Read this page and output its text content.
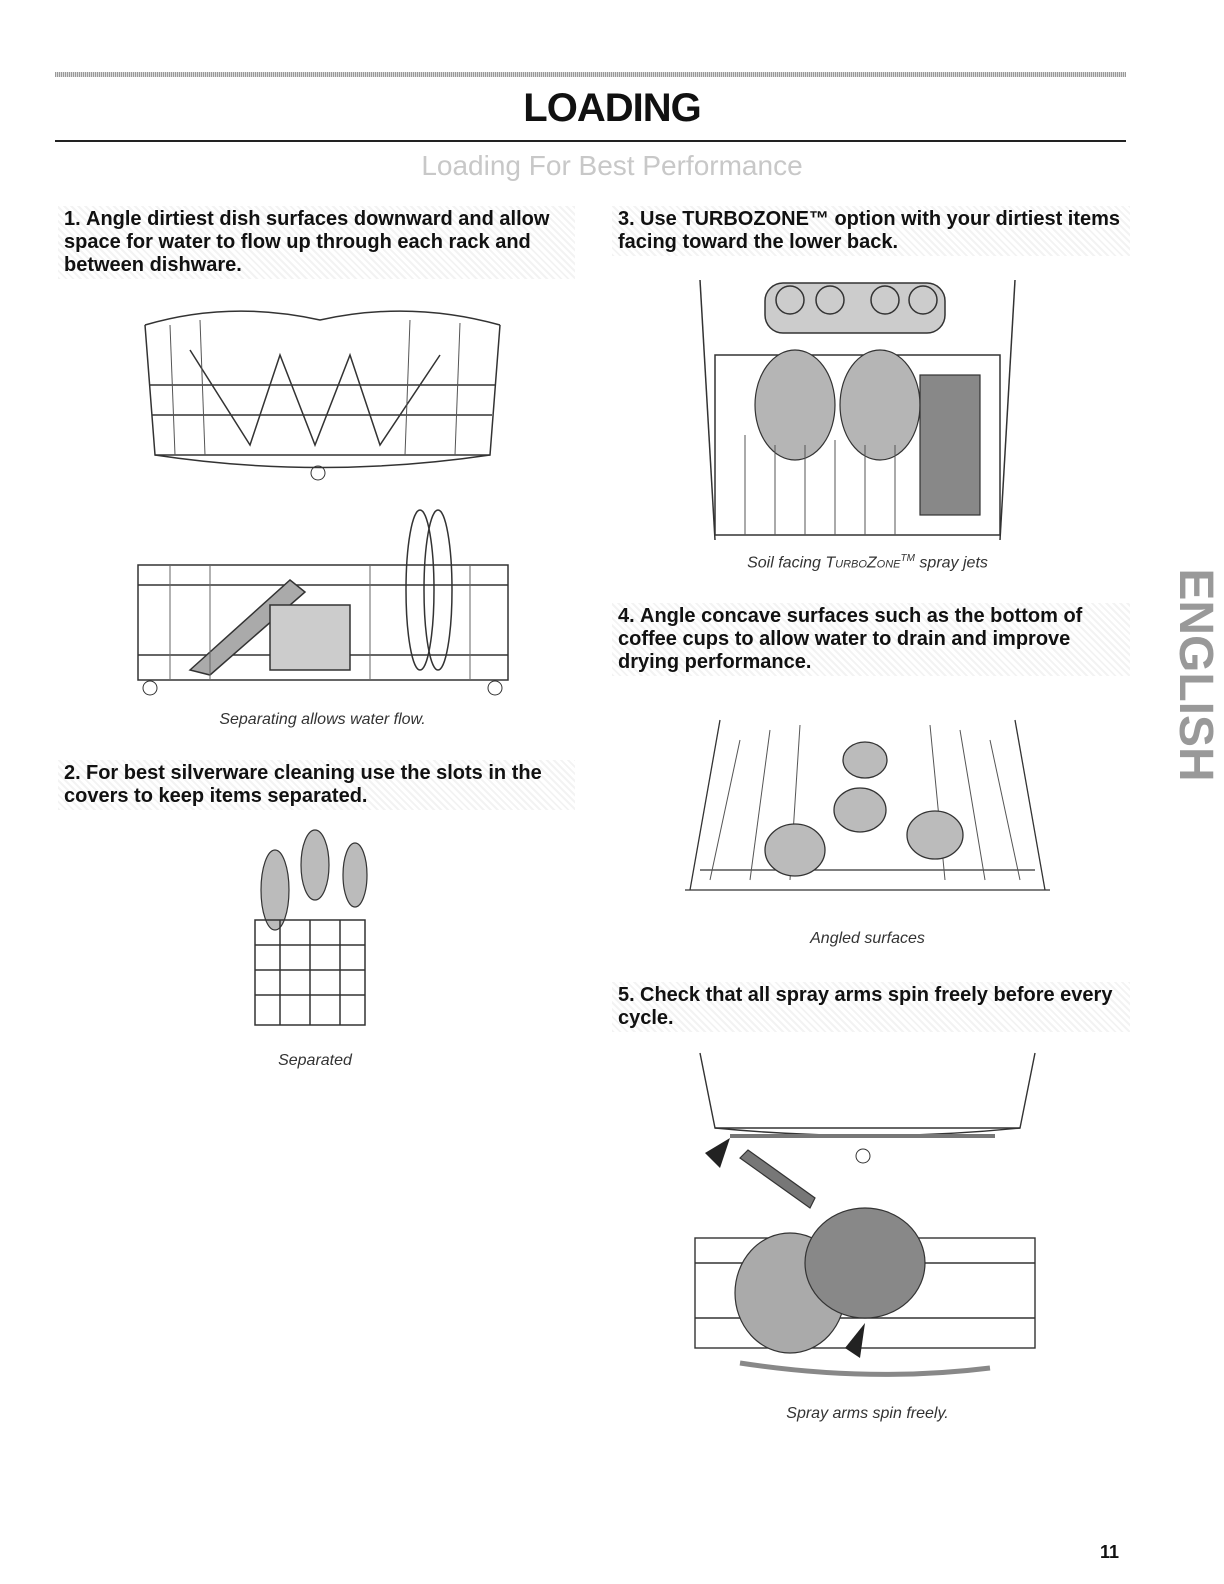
LOADING
Loading For Best Performance
1. Angle dirtiest dish surfaces downward and allow space for water to flow up through each rack and between dishware.
Separating allows water flow.
2. For best silverware cleaning use the slots in the covers to keep items separated.
Separated
3. Use TURBOZONE™ option with your dirtiest items facing toward the lower back.
Soil facing TurboZone™ spray jets
4. Angle concave surfaces such as the bottom of coffee cups to allow water to drain and improve drying performance.
Angled surfaces
5. Check that all spray arms spin freely before every cycle.
Spray arms spin freely.
ENGLISH
11
